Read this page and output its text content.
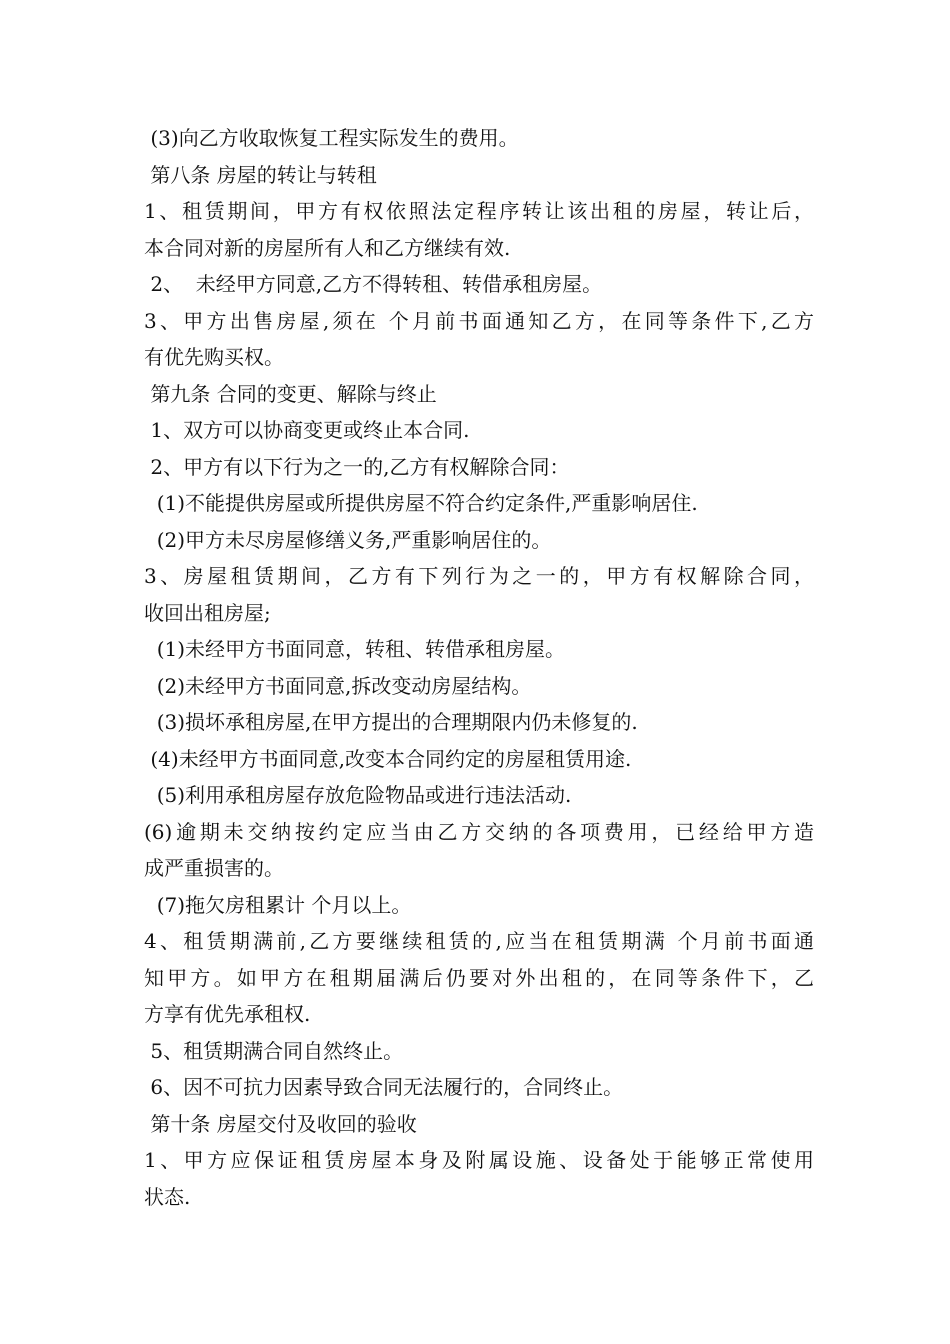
(3)向乙方收取恢复工程实际发生的费用。
第八条 房屋的转让与转租
1、租赁期间，甲方有权依照法定程序转让该出租的房屋，转让后，
本合同对新的房屋所有人和乙方继续有效.
2、  未经甲方同意,乙方不得转租、转借承租房屋。
3、甲方出售房屋,须在 个月前书面通知乙方，在同等条件下,乙方
有优先购买权。
第九条 合同的变更、解除与终止
1、双方可以协商变更或终止本合同.
2、甲方有以下行为之一的,乙方有权解除合同：
(1)不能提供房屋或所提供房屋不符合约定条件,严重影响居住.
(2)甲方未尽房屋修缮义务,严重影响居住的。
3、房屋租赁期间，乙方有下列行为之一的，甲方有权解除合同，
收回出租房屋;
(1)未经甲方书面同意，转租、转借承租房屋。
(2)未经甲方书面同意,拆改变动房屋结构。
(3)损坏承租房屋,在甲方提出的合理期限内仍未修复的.
(4)未经甲方书面同意,改变本合同约定的房屋租赁用途.
(5)利用承租房屋存放危险物品或进行违法活动.
(6)逾期未交纳按约定应当由乙方交纳的各项费用，已经给甲方造
成严重损害的。
(7)拖欠房租累计 个月以上。
4、租赁期满前,乙方要继续租赁的,应当在租赁期满 个月前书面通
知甲方。如甲方在租期届满后仍要对外出租的，在同等条件下，乙
方享有优先承租权.
5、租赁期满合同自然终止。
6、因不可抗力因素导致合同无法履行的，合同终止。
第十条 房屋交付及收回的验收
1、甲方应保证租赁房屋本身及附属设施、设备处于能够正常使用
状态.
